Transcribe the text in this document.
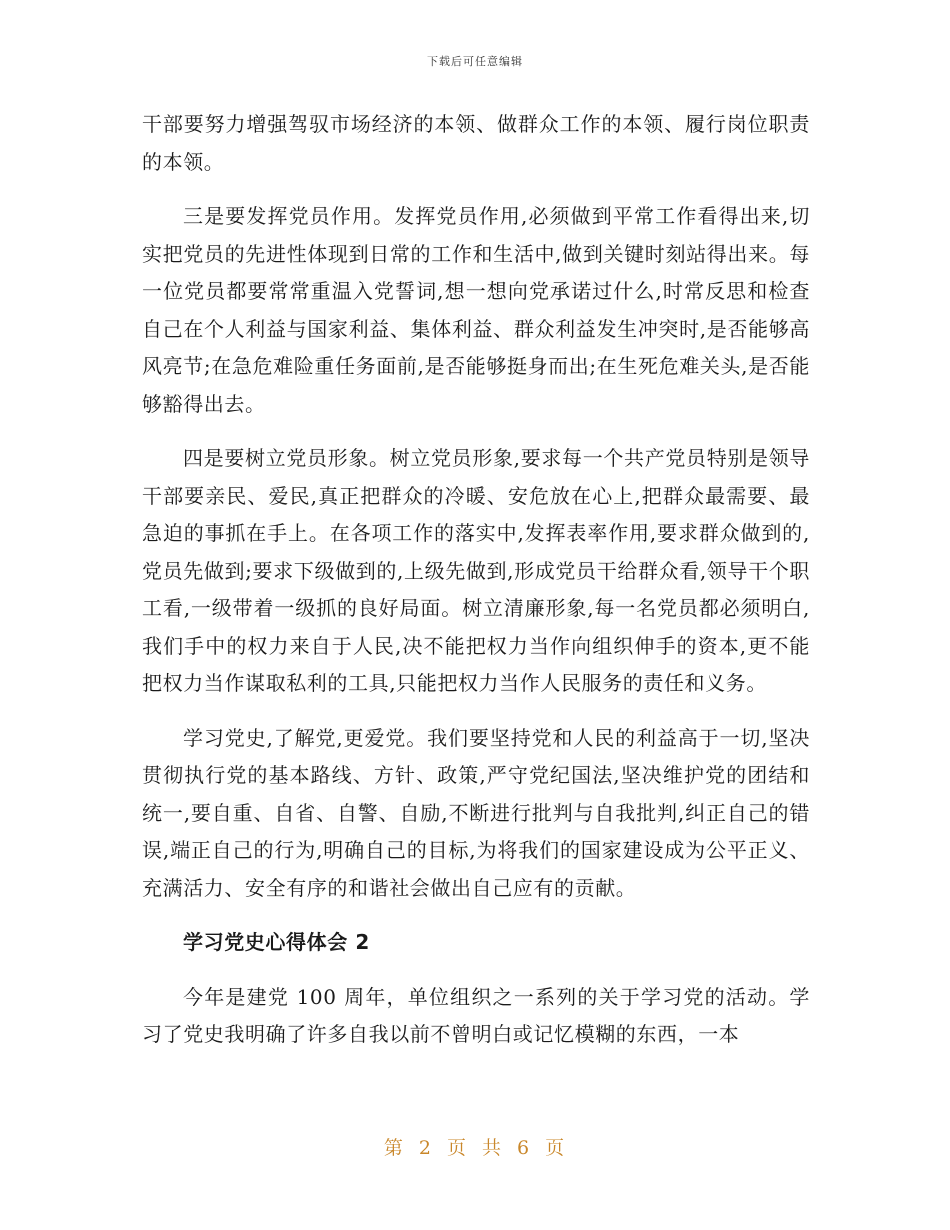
下载后可任意编辑

干部要努力增强驾驭市场经济的本领、做群众工作的本领、履行岗位职责的本领。

三是要发挥党员作用。发挥党员作用,必须做到平常工作看得出来,切实把党员的先进性体现到日常的工作和生活中,做到关键时刻站得出来。每一位党员都要常常重温入党誓词,想一想向党承诺过什么,时常反思和检查自己在个人利益与国家利益、集体利益、群众利益发生冲突时,是否能够高风亮节;在急危难险重任务面前,是否能够挺身而出;在生死危难关头,是否能够豁得出去。

四是要树立党员形象。树立党员形象,要求每一个共产党员特别是领导干部要亲民、爱民,真正把群众的冷暖、安危放在心上,把群众最需要、最急迫的事抓在手上。在各项工作的落实中,发挥表率作用,要求群众做到的,党员先做到;要求下级做到的,上级先做到,形成党员干给群众看,领导干个职工看,一级带着一级抓的良好局面。树立清廉形象,每一名党员都必须明白,我们手中的权力来自于人民,决不能把权力当作向组织伸手的资本,更不能把权力当作谋取私利的工具,只能把权力当作人民服务的责任和义务。

学习党史,了解党,更爱党。我们要坚持党和人民的利益高于一切,坚决贯彻执行党的基本路线、方针、政策,严守党纪国法,坚决维护党的团结和统一,要自重、自省、自警、自励,不断进行批判与自我批判,纠正自己的错误,端正自己的行为,明确自己的目标,为将我们的国家建设成为公平正义、充满活力、安全有序的和谐社会做出自己应有的贡献。

学习党史心得体会 2

今年是建党 100 周年，单位组织之一系列的关于学习党的活动。学习了党史我明确了许多自我以前不曾明白或记忆模糊的东西，一本

第 2 页 共 6 页
